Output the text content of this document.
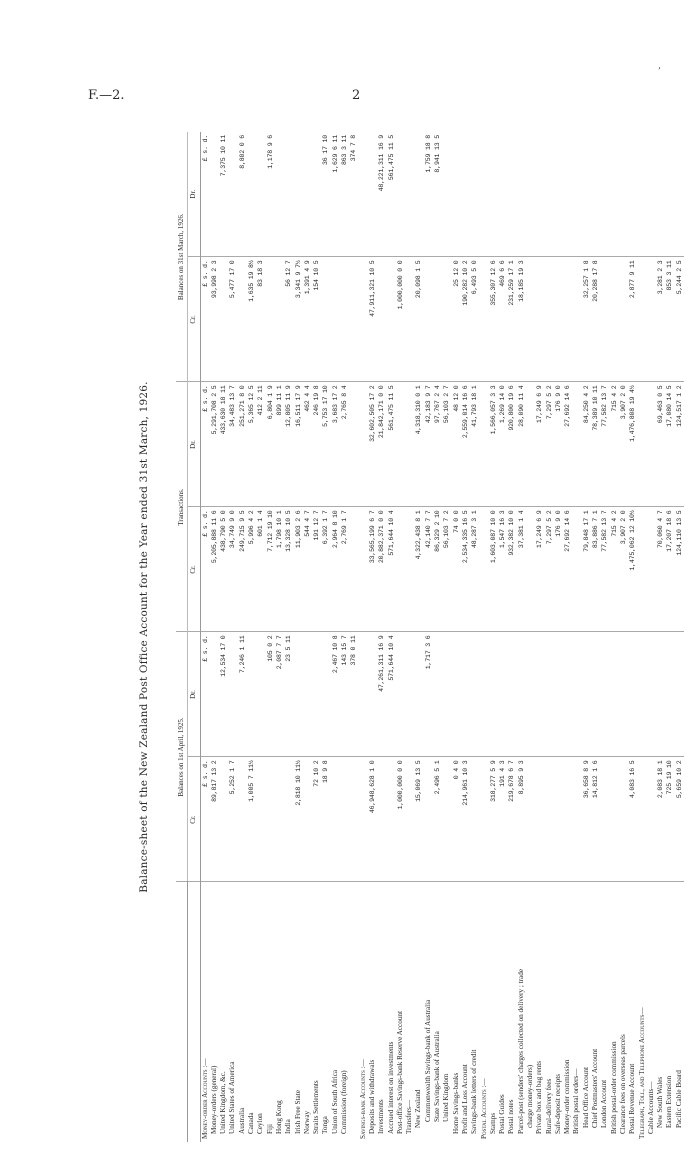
F.—2.	2
,
Balance-sheet of the New Zealand Post Office Account for the Year ended 31st March, 1926.
		Balances on 1st April, 1925.		Transactions.		Balances on 31st March, 1926.	
	Cr.	Dr.	Cr.	Dr.	Cr.	Dr.
Money-order Accounts :—	£ s. d.	£ s. d.	£ s. d.	£ s. d.	£ s. d.	£ s. d.
Money-orders (general)	89,817 13 2		5,205,888 11 6	5,291,708 2 5	93,998 2 3	
United Kingdom, &c.		12,534 17 0	438,790 5 0	433,630 18 11		7,375 10 11
United States of America	5,252 1 7		34,749 9 0	34,483 13 7	5,477 17 0	
Australia		7,246 1 11	249,715 9 5	251,271 8 0		8,802 0 6
Canada	1,005 7 11½		5,996 4 2	5,365 12 5	1,635 19 8½	
Ceylon			601 1 4	412 2 11	83 18 3	
Fiji		105 0 2	7,712 19 10	6,804 1 9		1,178 9 6
Hong Kong		2,087 7 7	1,798 10 1	899 11 1		
India		23 5 11	13,328 10 5	12,805 11 9	56 12 7	
Irish Free State	2,818 10 11½		11,903 2 6	16,511 17 9	3,341 9 7½	
Norway			544 4 7	462 4 4	1,391 4 9	
Straits Settlements	72 10 2		191 12 7	246 19 8	154 10 5	
Tonga	18 9 8		6,392 1 7	5,753 17 10		36 17 10
Union of South Africa		2,467 10 8	2,964 8 10	3,683 17 2		1,629 6 11
Commission (foreign)		143 15 7	2,769 1 7	2,765 8 4		863 3 11
		378 0 11				374 7 8
Savings-bank Accounts :—						
Deposits and withdrawals	46,948,628 1 0		33,565,199 6 7	32,602,505 17 2	47,911,321 10 5	
Investments		47,261,311 16 9	20,882,371 0 0	21,842,171 0 0		48,221,311 16 9
Accrued interest on investments		571,644 10 4	571,644 10 4	561,475 11 5		561,475 11 5
Post-office Savings-bank Reserve Account	1,000,000 0 0				1,000,000 0 0	
Transfers—						
New Zealand	15,069 13 5		4,322,438 8 1	4,318,310 0 1	20,098 1 5	
Commonwealth Savings-bank of Australia		1,717 3 6	42,140 7 7	42,183 9 7		1,759 18 8
State Savings-bank of Australia	2,496 5 1		86,329 2 10	97,767 2 4		8,941 13 5
United Kingdom			56,103 7 2	56,103 2 7		
Home Savings-banks	0 4 0		74 0 0	48 12 0	25 12 0	
Profit and Loss Account	214,961 10 3		2,534,335 16 5	2,559,014 16 6	190,282 10 2	
Savings-bank letters of credit			48,287 3 1	41,793 18 1	6,493 5 0	
Postal Accounts :—						
Stamps	318,277 5 9		1,603,087 10 0	1,566,057 3 3	355,307 12 6	
Postal Guides	191 4 3		1,547 16 3	1,269 14 0	469 6 6	
Postal notes	219,678 6 7		932,382 10 0	920,800 19 6	231,259 17 1	
Parcel-post (senders' charges collected on delivery ; trade	8,895 9 3		37,381 1 4	28,090 11 4	18,185 19 3	
charge money-orders)						
Private box and bag rents			17,249 6 9	17,249 6 9		
Rural-delivery fees			7,297 5 2	7,297 5 2		
Safe-deposit receipts			176 9 0	176 9 0		
Money-order commission			27,692 14 6	27,692 14 6		
British postal orders—						
Head Office Account	36,658 8 9		79,848 17 1	84,250 4 2	32,257 1 8	
Chief Postmasters' Account	14,812 1 6		83,886 7 1	78,389 10 11	20,288 17 8	
London Account			77,582 13 7	77,582 13 7		
British postal-order commission			715 4 2	715 4 2		
Clearance fees on overseas parcels			3,907 2 0	3,907 2 0		
Postal Revenue Account	4,083 16 5		1,475,062 12 10½	1,476,808 19 4½	2,877 9 11	
Telegraph, Toll, and Telephone Accounts—						
Cable Accounts—						
New South Wales	2,083 18 1		70,060 4 7	69,463 0 5	3,281 2 3	
Eastern Extension	725 19 10		17,207 18 6	17,080 14 5	853 3 11	
Pacific Cable Board	5,659 10 2		124,110 13 5	124,517 1 2	5,244 2 5	
